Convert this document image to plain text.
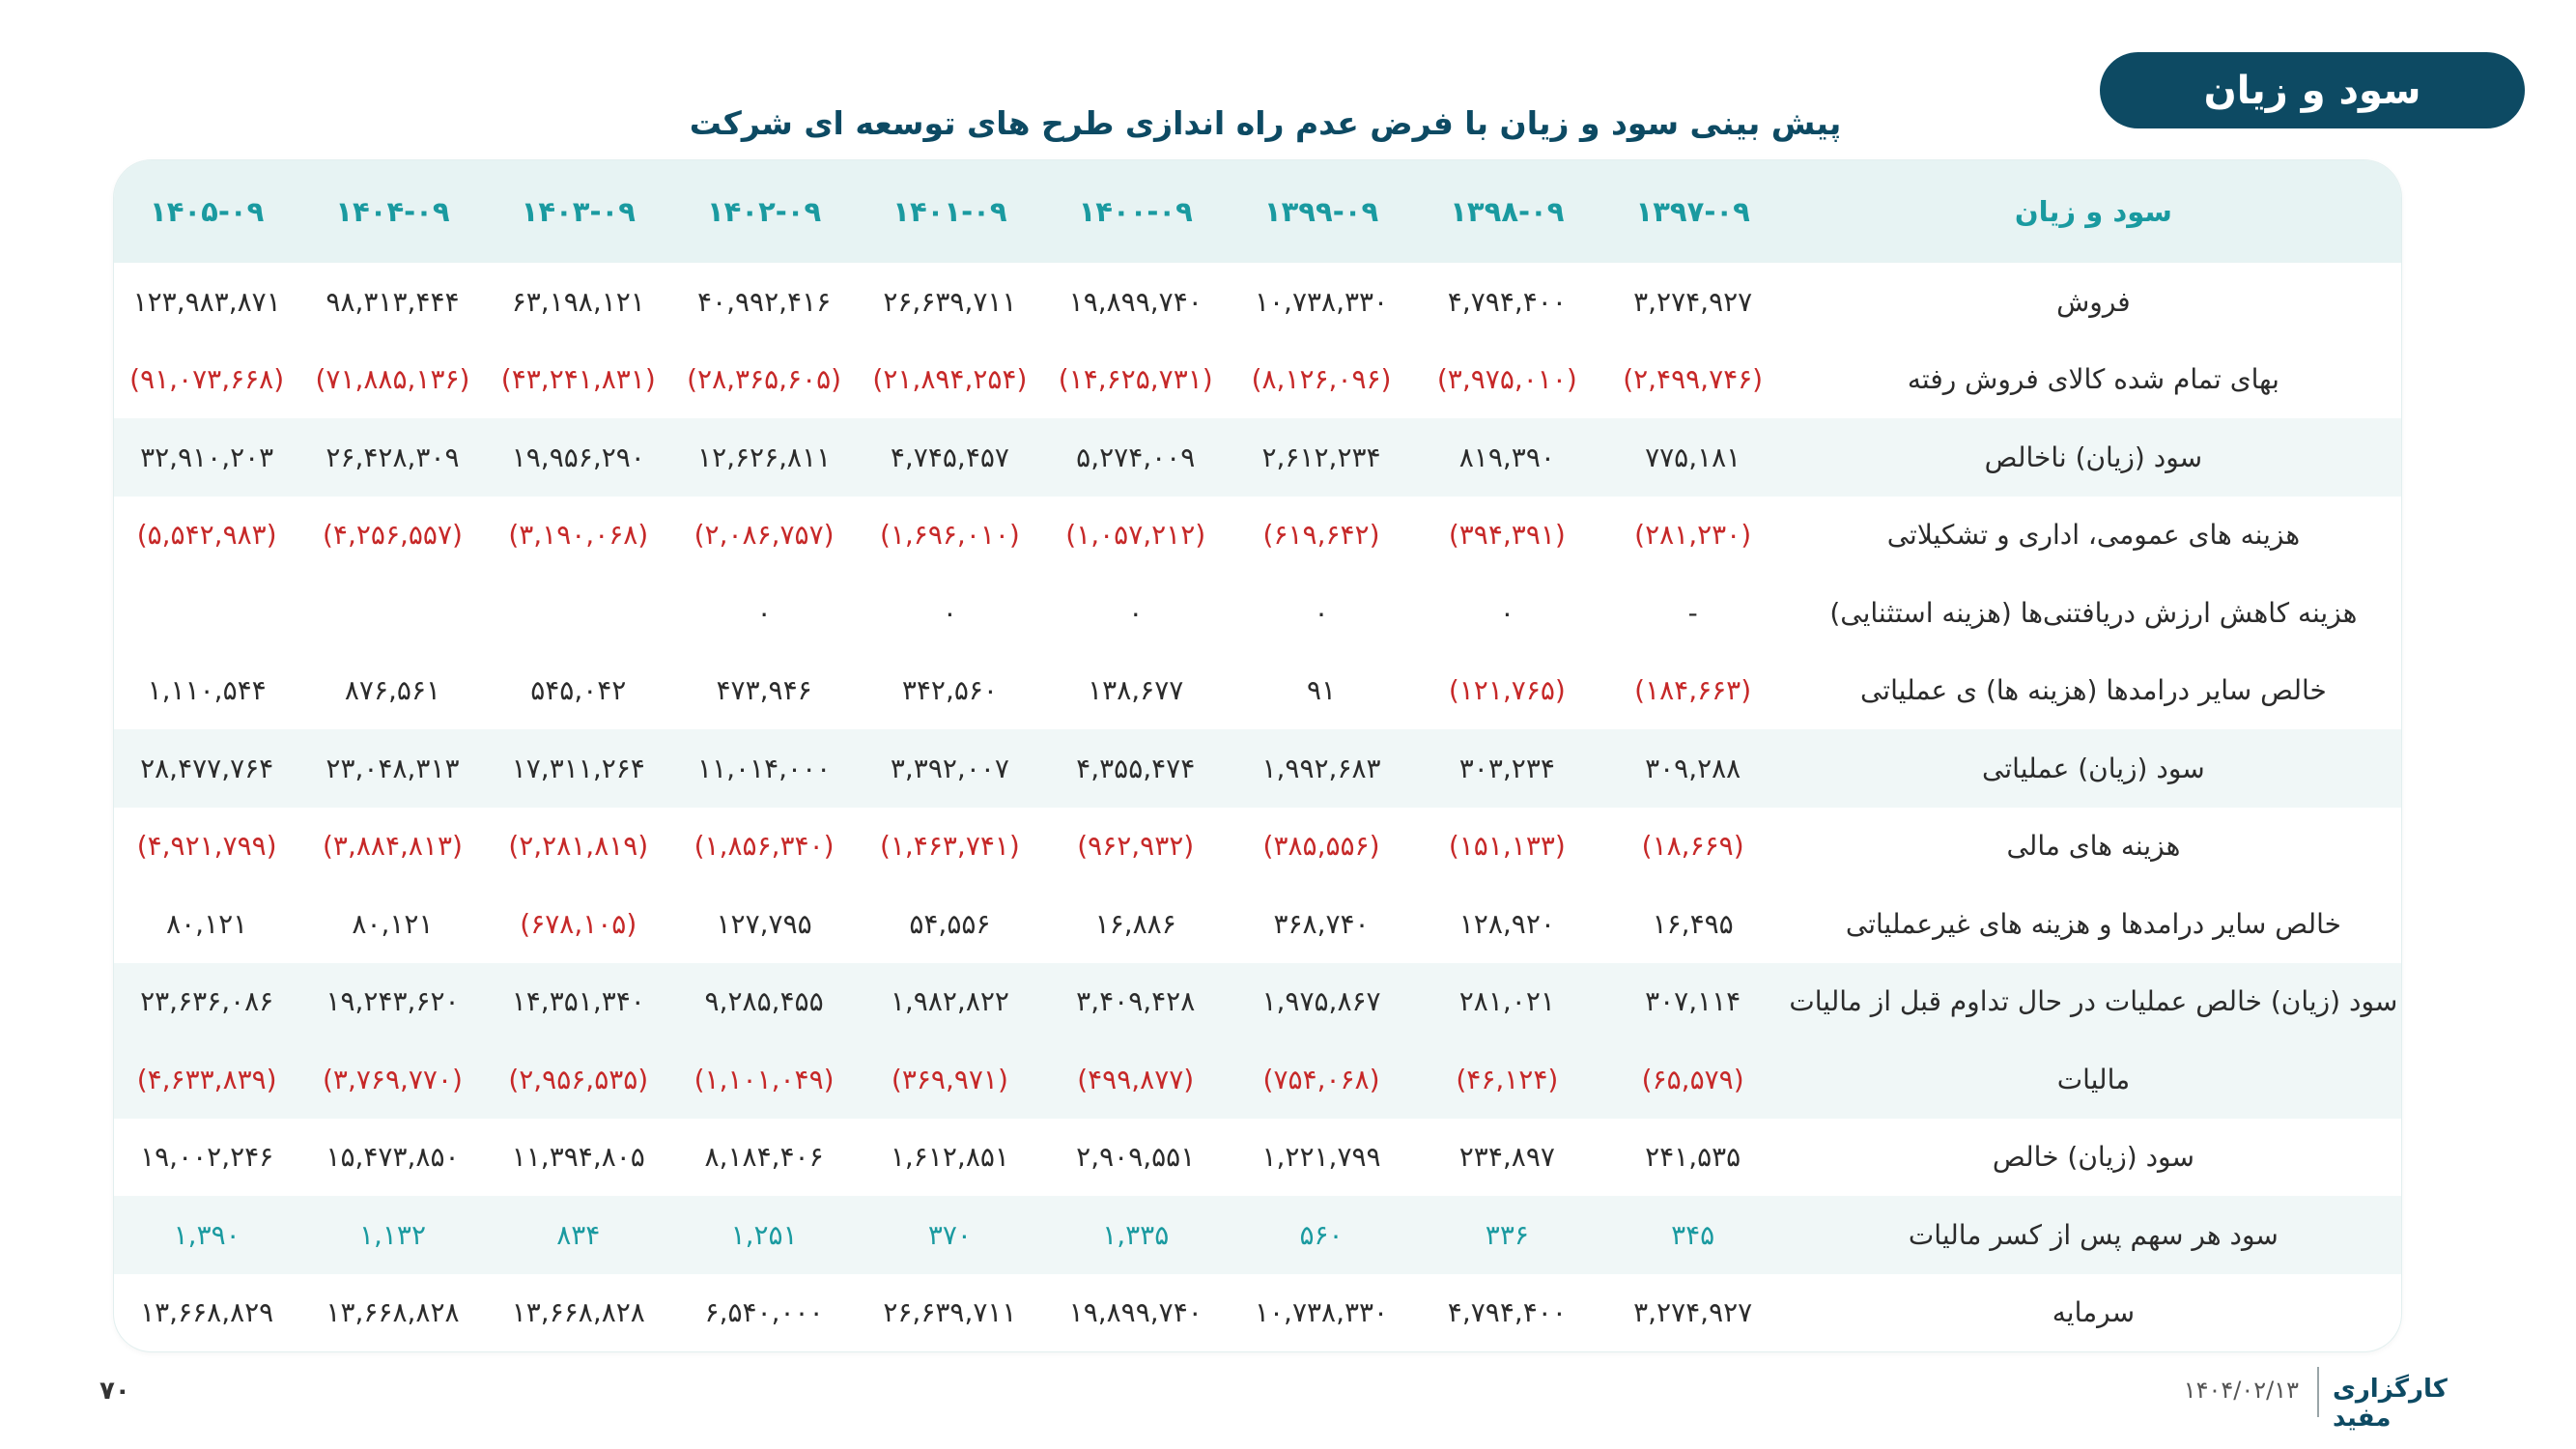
سود و زیان
پیش بینی سود و زیان با فرض عدم راه اندازی طرح های توسعه ای شرکت
۱۴۰۵-۰۹	۱۴۰۴-۰۹	۱۴۰۳-۰۹	۱۴۰۲-۰۹	۱۴۰۱-۰۹	۱۴۰۰-۰۹	۱۳۹۹-۰۹	۱۳۹۸-۰۹	۱۳۹۷-۰۹	سود و زیان
۱۲۳,۹۸۳,۸۷۱	۹۸,۳۱۳,۴۴۴	۶۳,۱۹۸,۱۲۱	۴۰,۹۹۲,۴۱۶	۲۶,۶۳۹,۷۱۱	۱۹,۸۹۹,۷۴۰	۱۰,۷۳۸,۳۳۰	۴,۷۹۴,۴۰۰	۳,۲۷۴,۹۲۷	فروش
(۹۱,۰۷۳,۶۶۸)	(۷۱,۸۸۵,۱۳۶)	(۴۳,۲۴۱,۸۳۱)	(۲۸,۳۶۵,۶۰۵)	(۲۱,۸۹۴,۲۵۴)	(۱۴,۶۲۵,۷۳۱)	(۸,۱۲۶,۰۹۶)	(۳,۹۷۵,۰۱۰)	(۲,۴۹۹,۷۴۶)	بهای تمام شده کالای فروش رفته
۳۲,۹۱۰,۲۰۳	۲۶,۴۲۸,۳۰۹	۱۹,۹۵۶,۲۹۰	۱۲,۶۲۶,۸۱۱	۴,۷۴۵,۴۵۷	۵,۲۷۴,۰۰۹	۲,۶۱۲,۲۳۴	۸۱۹,۳۹۰	۷۷۵,۱۸۱	سود (زیان) ناخالص
(۵,۵۴۲,۹۸۳)	(۴,۲۵۶,۵۵۷)	(۳,۱۹۰,۰۶۸)	(۲,۰۸۶,۷۵۷)	(۱,۶۹۶,۰۱۰)	(۱,۰۵۷,۲۱۲)	(۶۱۹,۶۴۲)	(۳۹۴,۳۹۱)	(۲۸۱,۲۳۰)	هزینه های عمومی، اداری و تشکیلاتی
			۰	۰	۰	۰	۰	-	هزینه کاهش ارزش دریافتنی‌ها (هزینه استثنایی)
۱,۱۱۰,۵۴۴	۸۷۶,۵۶۱	۵۴۵,۰۴۲	۴۷۳,۹۴۶	۳۴۲,۵۶۰	۱۳۸,۶۷۷	۹۱	(۱۲۱,۷۶۵)	(۱۸۴,۶۶۳)	خالص سایر درامدها (هزینه ها) ی عملیاتی
۲۸,۴۷۷,۷۶۴	۲۳,۰۴۸,۳۱۳	۱۷,۳۱۱,۲۶۴	۱۱,۰۱۴,۰۰۰	۳,۳۹۲,۰۰۷	۴,۳۵۵,۴۷۴	۱,۹۹۲,۶۸۳	۳۰۳,۲۳۴	۳۰۹,۲۸۸	سود (زیان) عملیاتی
(۴,۹۲۱,۷۹۹)	(۳,۸۸۴,۸۱۳)	(۲,۲۸۱,۸۱۹)	(۱,۸۵۶,۳۴۰)	(۱,۴۶۳,۷۴۱)	(۹۶۲,۹۳۲)	(۳۸۵,۵۵۶)	(۱۵۱,۱۳۳)	(۱۸,۶۶۹)	هزینه های مالی
۸۰,۱۲۱	۸۰,۱۲۱	(۶۷۸,۱۰۵)	۱۲۷,۷۹۵	۵۴,۵۵۶	۱۶,۸۸۶	۳۶۸,۷۴۰	۱۲۸,۹۲۰	۱۶,۴۹۵	خالص سایر درامدها و هزینه های غیرعملیاتی
۲۳,۶۳۶,۰۸۶	۱۹,۲۴۳,۶۲۰	۱۴,۳۵۱,۳۴۰	۹,۲۸۵,۴۵۵	۱,۹۸۲,۸۲۲	۳,۴۰۹,۴۲۸	۱,۹۷۵,۸۶۷	۲۸۱,۰۲۱	۳۰۷,۱۱۴	سود (زیان) خالص عملیات در حال تداوم قبل از مالیات
(۴,۶۳۳,۸۳۹)	(۳,۷۶۹,۷۷۰)	(۲,۹۵۶,۵۳۵)	(۱,۱۰۱,۰۴۹)	(۳۶۹,۹۷۱)	(۴۹۹,۸۷۷)	(۷۵۴,۰۶۸)	(۴۶,۱۲۴)	(۶۵,۵۷۹)	مالیات
۱۹,۰۰۲,۲۴۶	۱۵,۴۷۳,۸۵۰	۱۱,۳۹۴,۸۰۵	۸,۱۸۴,۴۰۶	۱,۶۱۲,۸۵۱	۲,۹۰۹,۵۵۱	۱,۲۲۱,۷۹۹	۲۳۴,۸۹۷	۲۴۱,۵۳۵	سود (زیان) خالص
۱,۳۹۰	۱,۱۳۲	۸۳۴	۱,۲۵۱	۳۷۰	۱,۳۳۵	۵۶۰	۳۳۶	۳۴۵	سود هر سهم پس از کسر مالیات
۱۳,۶۶۸,۸۲۹	۱۳,۶۶۸,۸۲۸	۱۳,۶۶۸,۸۲۸	۶,۵۴۰,۰۰۰	۲۶,۶۳۹,۷۱۱	۱۹,۸۹۹,۷۴۰	۱۰,۷۳۸,۳۳۰	۴,۷۹۴,۴۰۰	۳,۲۷۴,۹۲۷	سرمایه
۷۰	۱۴۰۴/۰۲/۱۳ کارگزاری مفید
